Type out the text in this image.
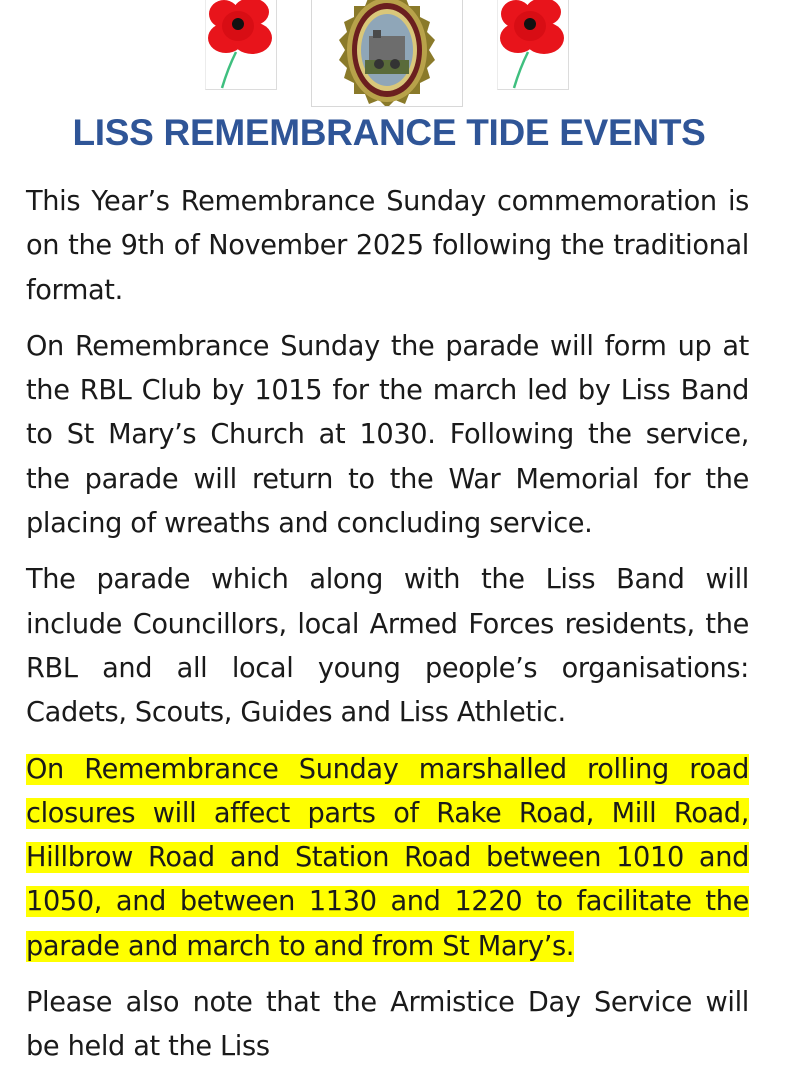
LISS REMEMBRANCE TIDE EVENTS

This Year’s Remembrance Sunday commemoration is on the 9th of November 2025 following the traditional format.

On Remembrance Sunday the parade will form up at the RBL Club by 1015 for the march led by Liss Band to St Mary’s Church at 1030. Following the service, the parade will return to the War Memorial for the placing of wreaths and concluding service.

The parade which along with the Liss Band will include Councillors, local Armed Forces residents, the RBL and all local young people’s organisations: Cadets, Scouts, Guides and Liss Athletic.

On Remembrance Sunday marshalled rolling road closures will affect parts of Rake Road, Mill Road, Hillbrow Road and Station Road between 1010 and 1050, and between 1130 and 1220 to facilitate the parade and march to and from St Mary’s.

Please also note that the Armistice Day Service will be held at the Liss
